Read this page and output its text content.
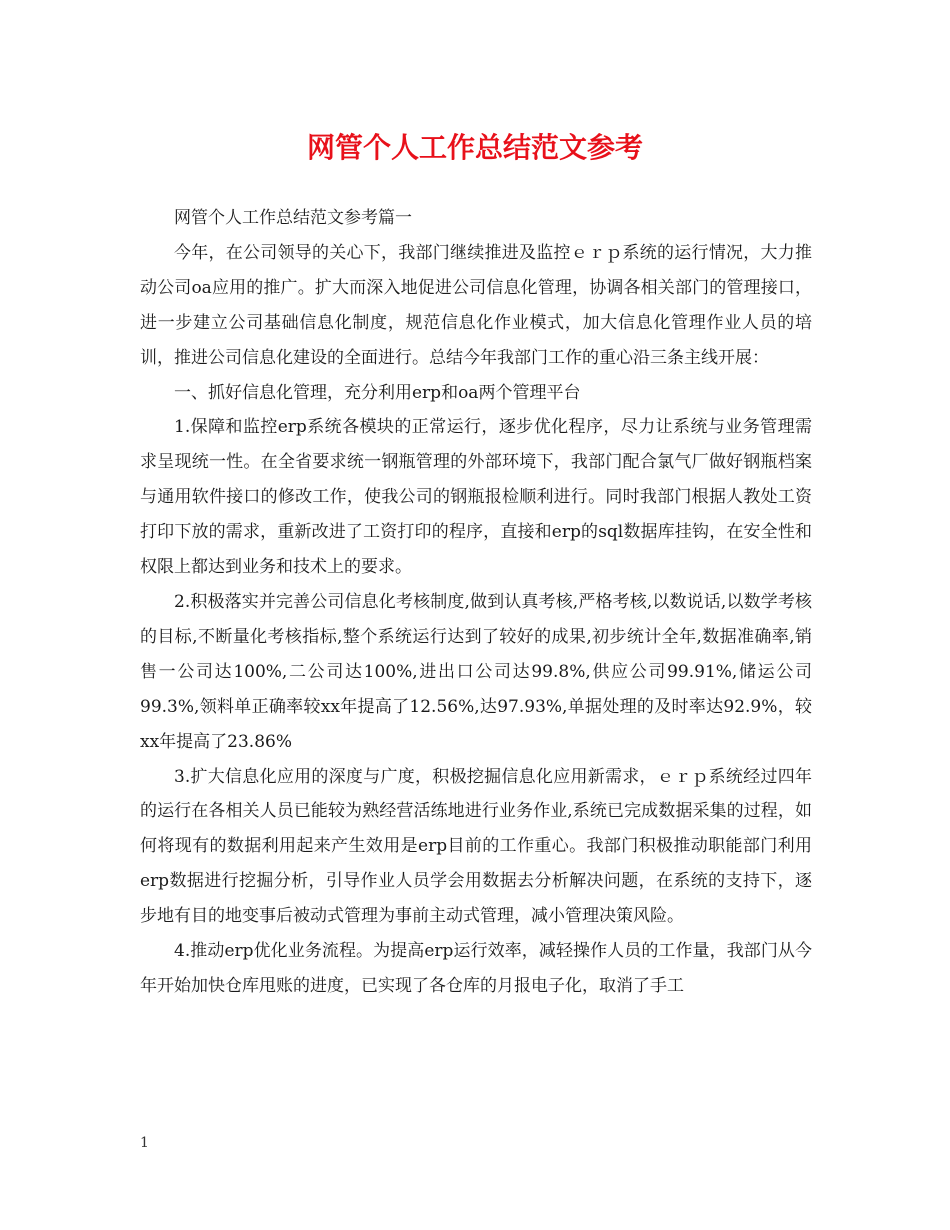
网管个人工作总结范文参考

网管个人工作总结范文参考篇一

今年，在公司领导的关心下，我部门继续推进及监控ｅｒｐ系统的运行情况，大力推动公司oa应用的推广。扩大而深入地促进公司信息化管理，协调各相关部门的管理接口，进一步建立公司基础信息化制度，规范信息化作业模式，加大信息化管理作业人员的培训，推进公司信息化建设的全面进行。总结今年我部门工作的重心沿三条主线开展：

一、抓好信息化管理，充分利用erp和oa两个管理平台

1.保障和监控erp系统各模块的正常运行，逐步优化程序，尽力让系统与业务管理需求呈现统一性。在全省要求统一钢瓶管理的外部环境下，我部门配合氯气厂做好钢瓶档案与通用软件接口的修改工作，使我公司的钢瓶报检顺利进行。同时我部门根据人教处工资打印下放的需求，重新改进了工资打印的程序，直接和erp的sql数据库挂钩，在安全性和权限上都达到业务和技术上的要求。

2.积极落实并完善公司信息化考核制度,做到认真考核,严格考核,以数说话,以数学考核的目标,不断量化考核指标,整个系统运行达到了较好的成果,初步统计全年,数据准确率,销售一公司达100%,二公司达100%,进出口公司达99.8%,供应公司99.91%,储运公司99.3%,领料单正确率较xx年提高了12.56%,达97.93%,单据处理的及时率达92.9%，较xx年提高了23.86%

3.扩大信息化应用的深度与广度，积极挖掘信息化应用新需求，ｅｒｐ系统经过四年的运行在各相关人员已能较为熟经营活练地进行业务作业,系统已完成数据采集的过程，如何将现有的数据利用起来产生效用是erp目前的工作重心。我部门积极推动职能部门利用erp数据进行挖掘分析，引导作业人员学会用数据去分析解决问题，在系统的支持下，逐步地有目的地变事后被动式管理为事前主动式管理，减小管理决策风险。

4.推动erp优化业务流程。为提高erp运行效率，减轻操作人员的工作量，我部门从今年开始加快仓库甩账的进度，已实现了各仓库的月报电子化，取消了手工

1
